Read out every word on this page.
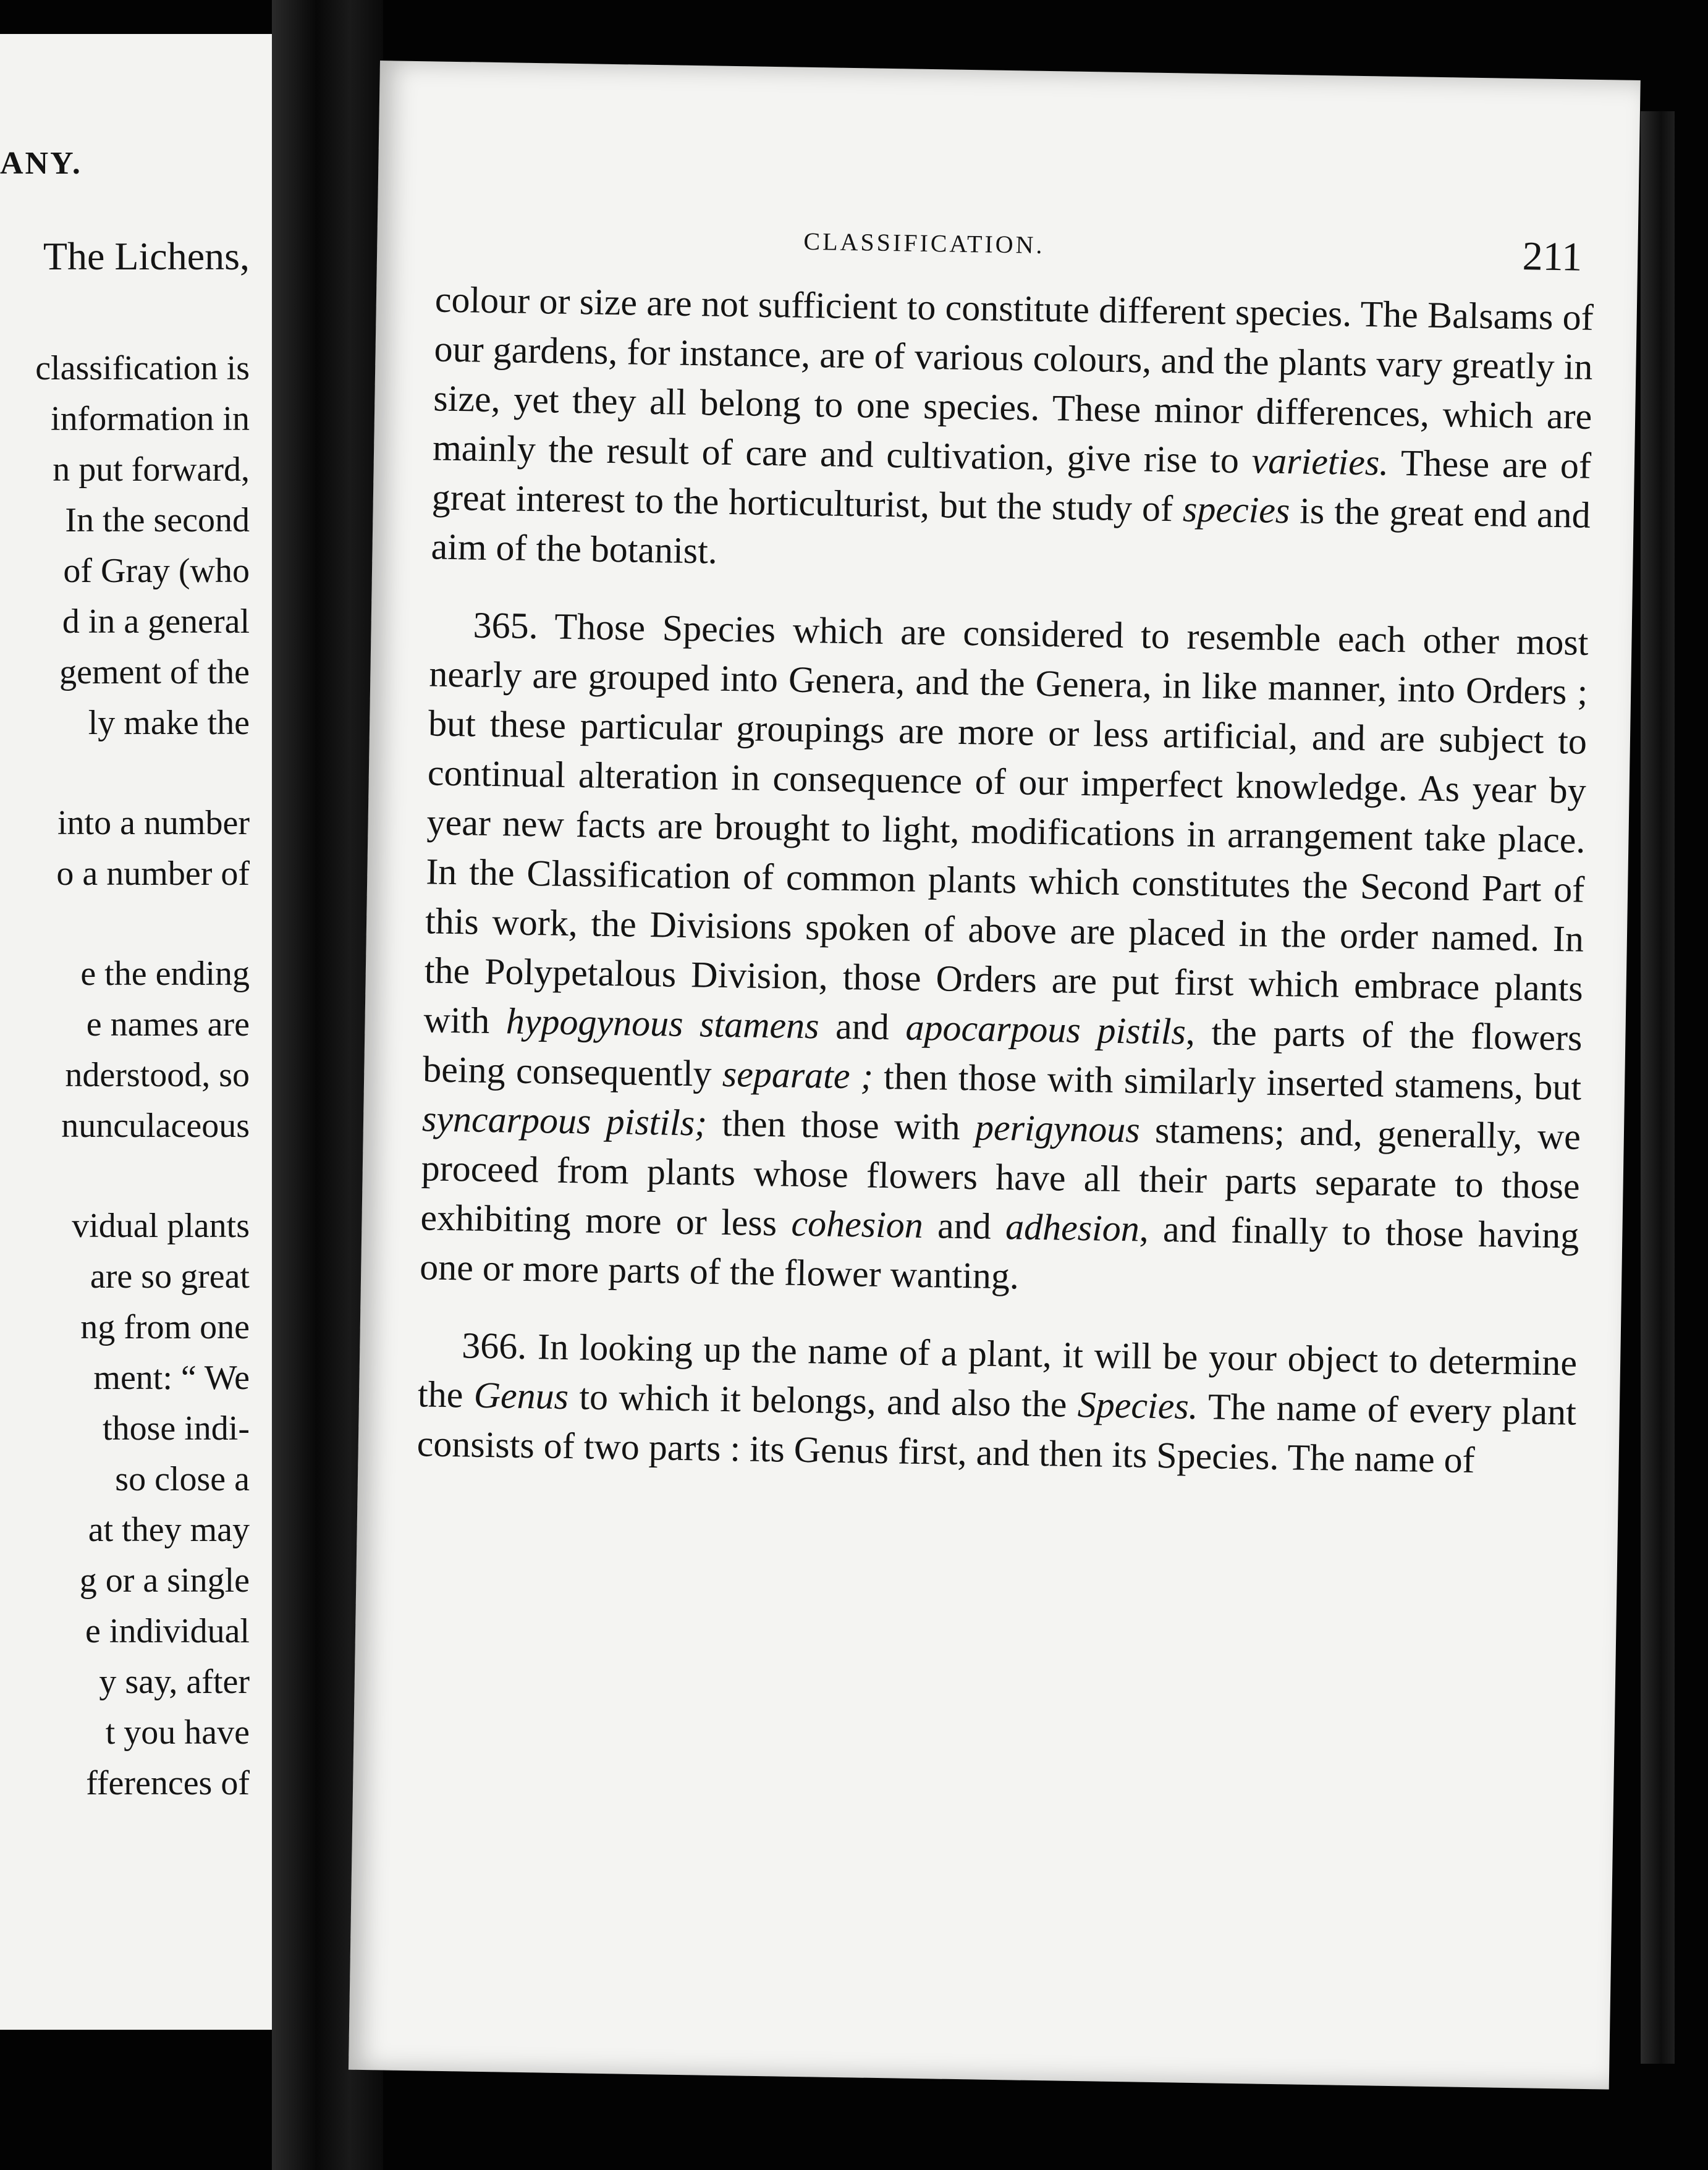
ANY.
The Lichens,
classification is
information in
n put forward,
In the second
of Gray (who
d in a general
gement of the
ly make the
into a number
o a number of
e the ending
e names are
nderstood, so
nunculaceous
vidual plants
are so great
ng from one
ment: “ We
those indi-
so close a
at they may
g or a single
e individual
y say, after
t you have
fferences of
CLASSIFICATION.	211

colour or size are not sufficient to constitute different species. The Balsams of our gardens, for instance, are of various colours, and the plants vary greatly in size, yet they all belong to one species. These minor differences, which are mainly the result of care and cultivation, give rise to varieties. These are of great interest to the horticulturist, but the study of species is the great end and aim of the botanist.

365. Those Species which are considered to resemble each other most nearly are grouped into Genera, and the Genera, in like manner, into Orders ; but these particular groupings are more or less artificial, and are subject to continual alteration in consequence of our imperfect knowledge. As year by year new facts are brought to light, modifications in arrangement take place. In the Classification of common plants which constitutes the Second Part of this work, the Divisions spoken of above are placed in the order named. In the Polypetalous Division, those Orders are put first which embrace plants with hypogynous stamens and apocarpous pistils, the parts of the flowers being consequently separate ; then those with similarly inserted stamens, but syncarpous pistils; then those with perigynous stamens; and, generally, we proceed from plants whose flowers have all their parts separate to those exhibiting more or less cohesion and adhesion, and finally to those having one or more parts of the flower wanting.

366. In looking up the name of a plant, it will be your object to determine the Genus to which it belongs, and also the Species. The name of every plant consists of two parts : its Genus first, and then its Species. The name of
